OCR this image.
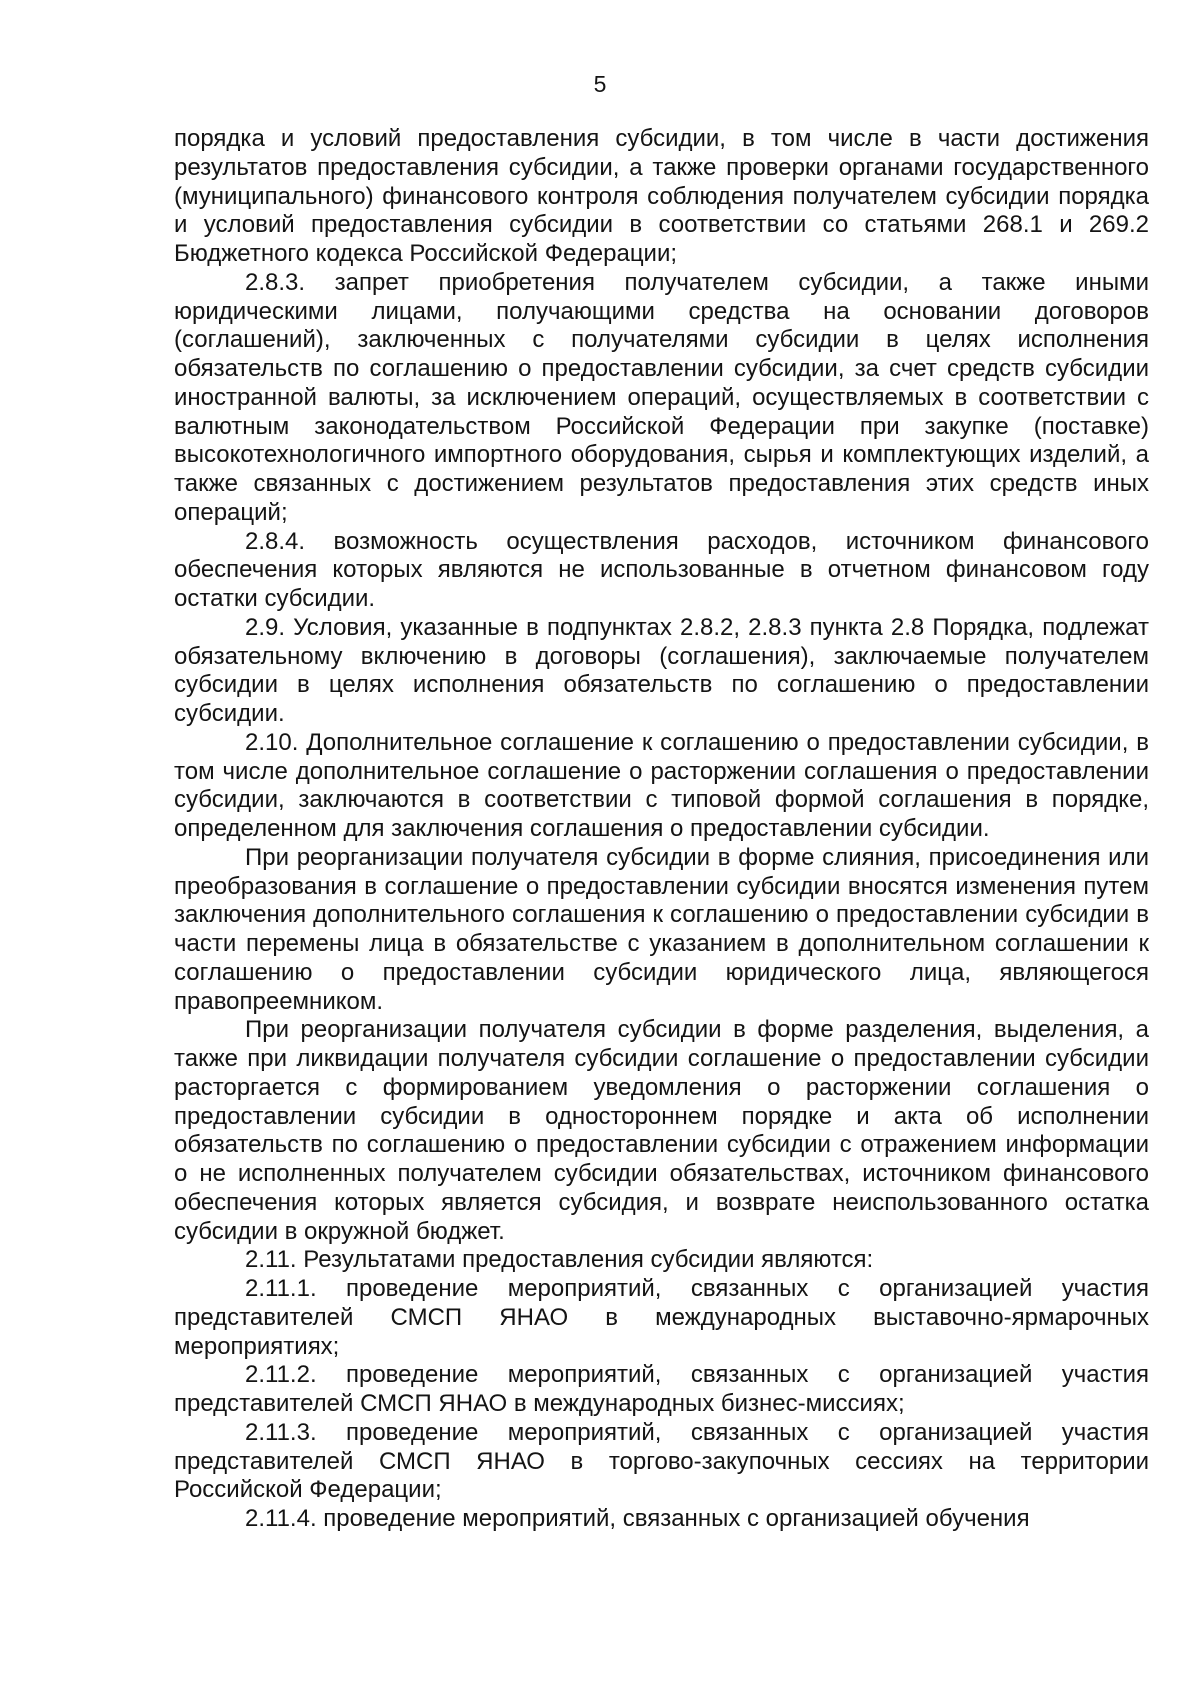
5

порядка и условий предоставления субсидии, в том числе в части достижения результатов предоставления субсидии, а также проверки органами государственного (муниципального) финансового контроля соблюдения получателем субсидии порядка и условий предоставления субсидии в соответствии со статьями 268.1 и 269.2 Бюджетного кодекса Российской Федерации;

2.8.3. запрет приобретения получателем субсидии, а также иными юридическими лицами, получающими средства на основании договоров (соглашений), заключенных с получателями субсидии в целях исполнения обязательств по соглашению о предоставлении субсидии, за счет средств субсидии иностранной валюты, за исключением операций, осуществляемых в соответствии с валютным законодательством Российской Федерации при закупке (поставке) высокотехнологичного импортного оборудования, сырья и комплектующих изделий, а также связанных с достижением результатов предоставления этих средств иных операций;

2.8.4. возможность осуществления расходов, источником финансового обеспечения которых являются не использованные в отчетном финансовом году остатки субсидии.

2.9. Условия, указанные в подпунктах 2.8.2, 2.8.3 пункта 2.8 Порядка, подлежат обязательному включению в договоры (соглашения), заключаемые получателем субсидии в целях исполнения обязательств по соглашению о предоставлении субсидии.

2.10. Дополнительное соглашение к соглашению о предоставлении субсидии, в том числе дополнительное соглашение о расторжении соглашения о предоставлении субсидии, заключаются в соответствии с типовой формой соглашения в порядке, определенном для заключения соглашения о предоставлении субсидии.

При реорганизации получателя субсидии в форме слияния, присоединения или преобразования в соглашение о предоставлении субсидии вносятся изменения путем заключения дополнительного соглашения к соглашению о предоставлении субсидии в части перемены лица в обязательстве с указанием в дополнительном соглашении к соглашению о предоставлении субсидии юридического лица, являющегося правопреемником.

При реорганизации получателя субсидии в форме разделения, выделения, а также при ликвидации получателя субсидии соглашение о предоставлении субсидии расторгается с формированием уведомления о расторжении соглашения о предоставлении субсидии в одностороннем порядке и акта об исполнении обязательств по соглашению о предоставлении субсидии с отражением информации о не исполненных получателем субсидии обязательствах, источником финансового обеспечения которых является субсидия, и возврате неиспользованного остатка субсидии в окружной бюджет.

2.11. Результатами предоставления субсидии являются:

2.11.1. проведение мероприятий, связанных с организацией участия представителей СМСП ЯНАО в международных выставочно-ярмарочных мероприятиях;

2.11.2. проведение мероприятий, связанных с организацией участия представителей СМСП ЯНАО в международных бизнес-миссиях;

2.11.3. проведение мероприятий, связанных с организацией участия представителей СМСП ЯНАО в торгово-закупочных сессиях на территории Российской Федерации;

2.11.4. проведение мероприятий, связанных с организацией обучения
